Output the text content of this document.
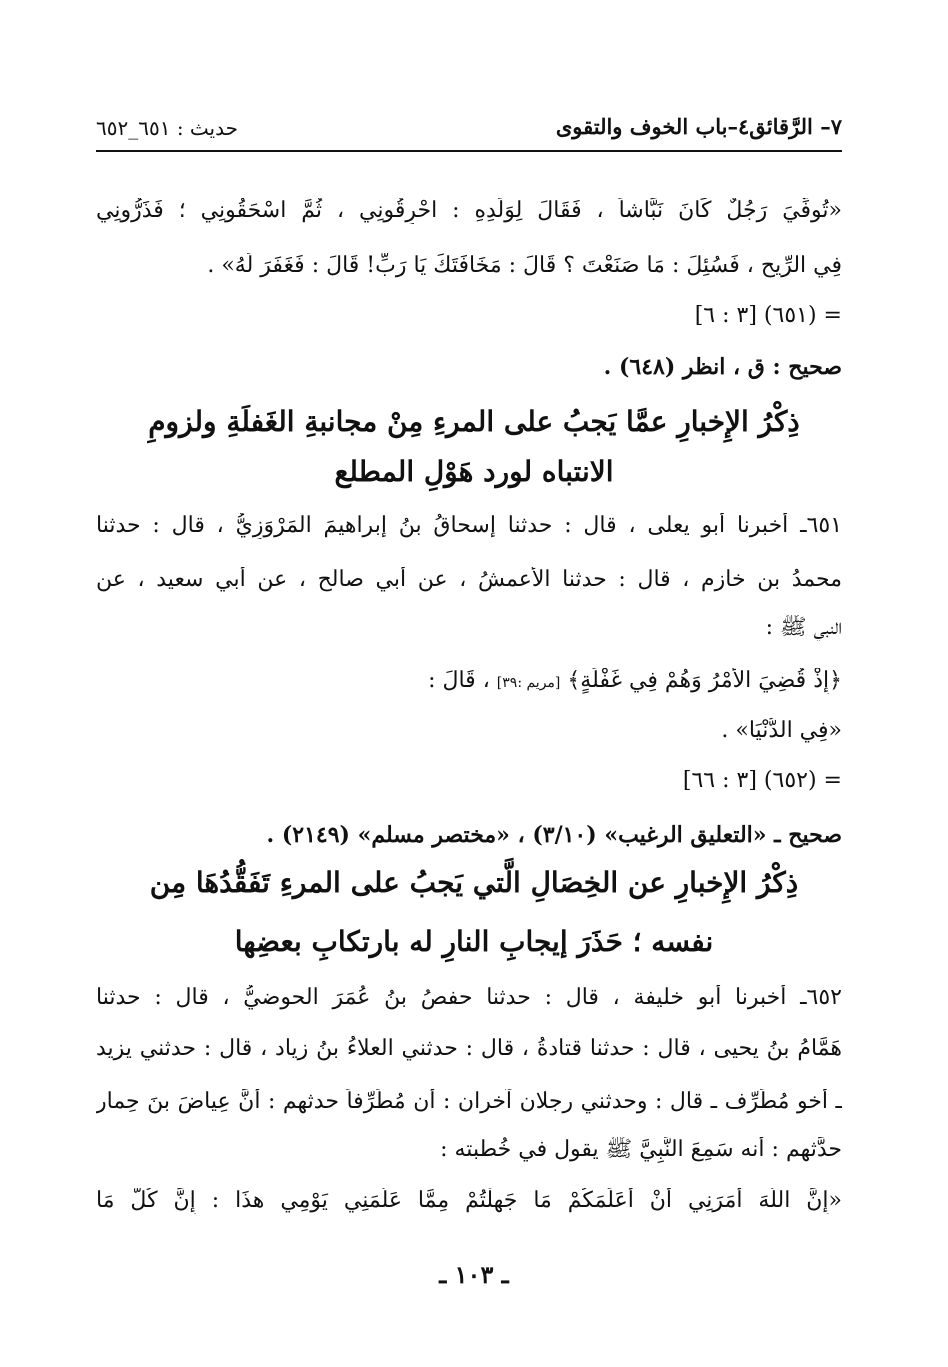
٧– الرَّقائق٤–باب الخوف والتقوى
حديث : ٦٥١_٦٥٢
«تُوفِّيَ رَجُلٌ كَانَ نَبَّاشاً ، فَقَالَ لِوَلَدِهِ : احْرِقُونِي ، ثُمَّ اسْحَقُونِي ؛ فَذَرُّونِي
فِي الرِّيحِ ، فَسُئِلَ : مَا صَنَعْتَ ؟ قَالَ : مَخَافَتَكَ يَا رَبِّ! قَالَ : فَغَفَرَ لَهُ» .
= (٦٥١) [٣ : ٦]
صحيح : ق ، انظر (٦٤٨) .
ذِكْرُ الإِخبارِ عمَّا يَجبُ على المرءِ مِنْ مجانبةِ الغَفلَةِ ولزومِ
الانتباه لورد هَوْلِ المطلع
٦٥١ـ أخبرنا أبو يعلى ، قال : حدثنا إسحاقُ بنُ إبراهيمَ المَرْوَزِيُّ ، قال : حدثنا
محمدُ بن خازم ، قال : حدثنا الأعمشُ ، عن أبي صالح ، عن أبي سعيد ، عن
النبي ﷺ :
﴿إِذْ قُضِيَ الأَمْرُ وَهُمْ فِي غَفْلَةٍ﴾ [مريم :٣٩] ، قَالَ :
«فِي الدُّنْيَا» .
= (٦٥٢) [٣ : ٦٦]
صحيح ـ «التعليق الرغيب» (٣/١٠) ، «مختصر مسلم» (٢١٤٩) .
ذِكْرُ الإِخبارِ عن الخِصَالِ الَّتي يَجبُ على المرءِ تَفَقُّدُهَا مِن
نفسه ؛ حَذَرَ إيجابِ النارِ له بارتكابِ بعضِها
٦٥٢ـ أخبرنا أبو خليفة ، قال : حدثنا حفصُ بنُ عُمَرَ الحوضيُّ ، قال : حدثنا
هَمَّامُ بنُ يحيى ، قال : حدثنا قتادةُ ، قال : حدثني العلاءُ بنُ زياد ، قال : حدثني يزيد
ـ أخو مُطَرِّف ـ قال : وحدثني رجلان آخران : أن مُطَرِّفاً حدثهم : أَنَّ عِياضَ بنَ حِمار
حدَّثهم : أنه سَمِعَ النَّبِيَّ ﷺ يقول في خُطبته :
«إِنَّ اللَّهَ أَمَرَنِي أَنْ أُعَلِّمَكُمْ مَا جَهِلْتُمْ مِمَّا عَلَّمَنِي يَوْمِي هذَا : إِنَّ كُلَّ مَا
ـ ١٠٣ ـ
